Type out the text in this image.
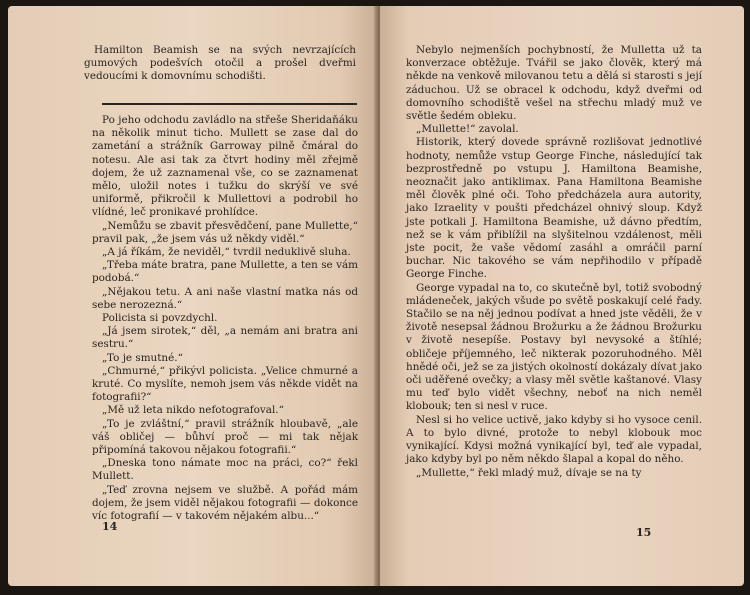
Hamilton Beamish se na svých nevrzajících gumových podešvích otočil a prošel dveřmi vedoucími k domovnímu schodišti.

Po jeho odchodu zavládlo na střeše Sheridaňáku na několik minut ticho. Mullett se zase dal do zametání a strážník Garroway pilně čmáral do notesu. Ale asi tak za čtvrt hodiny měl zřejmě dojem, že už zaznamenal vše, co se zaznamenat mělo, uložil notes i tužku do skrýší ve své uniformě, přikročil k Mullettovi a podrobil ho vlídné, leč pronikavé prohlídce.

„Nemůžu se zbavit přesvědčení, pane Mullette,“ pravil pak, „že jsem vás už někdy viděl.“

„A já říkám, že neviděl,“ tvrdil neduklivě sluha.

„Třeba máte bratra, pane Mullette, a ten se vám podobá.“

„Nějakou tetu. A ani naše vlastní matka nás od sebe nerozezná.“

Policista si povzdychl.

„Já jsem sirotek,“ děl, „a nemám ani bratra ani sestru.“

„To je smutné.“

„Chmurné,“ přikývl policista. „Velice chmurné a kruté. Co myslíte, nemoh jsem vás někde vidět na fotografii?“

„Mě už leta nikdo nefotografoval.“

„To je zvláštní,“ pravil strážník hloubavě, „ale váš obličej — bůhví proč — mi tak nějak připomíná takovou nějakou fotografii.“

„Dneska tono námate moc na práci, co?“ řekl Mullett.

„Teď zrovna nejsem ve službě. A pořád mám dojem, že jsem viděl nějakou fotografii — dokonce víc fotografií — v takovém nějakém albu...“

14

Nebylo nejmenších pochybností, že Mulletta už ta konverzace obtěžuje. Tvářil se jako člověk, který má někde na venkově milovanou tetu a dělá si starosti s její záduchou. Už se obracel k odchodu, když dveřmi od domovního schodiště vešel na střechu mladý muž ve světle šedém obleku.

„Mullette!“ zavolal.

Historik, který dovede správně rozlišovat jednotlivé hodnoty, nemůže vstup George Finche, následující tak bezprostředně po vstupu J. Hamiltona Beamishe, neoznačit jako antiklimax. Pana Hamiltona Beamishe měl člověk plné oči. Toho předcházela aura autority, jako Izraelity v poušti předcházel ohnivý sloup. Když jste potkali J. Hamiltona Beamishe, už dávno předtím, než se k vám přiblížil na slyšitelnou vzdálenost, měli jste pocit, že vaše vědomí zasáhl a omráčil parní buchar. Nic takového se vám nepřihodilo v případě George Finche.

George vypadal na to, co skutečně byl, totiž svobodný mládeneček, jakých všude po světě poskakují celé řady. Stačilo se na něj jednou podívat a hned jste věděli, že v životě nesepsal žádnou Brožurku a že žádnou Brožurku v životě nesepíše. Postavy byl nevysoké a štíhlé; obličeje příjemného, leč nikterak pozoruhodného. Měl hnědé oči, jež se za jistých okolností dokázaly dívat jako oči uděřené ovečky; a vlasy měl světle kaštanové. Vlasy mu teď bylo vidět všechny, neboť na nich neměl klobouk; ten si nesl v ruce.

Nesl si ho velice uctivě, jako kdyby si ho vysoce cenil. A to bylo divné, protože to nebyl klobouk moc vynikající. Kdysi možná vynikající byl, teď ale vypadal, jako kdyby byl po něm někdo šlapal a kopal do něho.

„Mullette,“ řekl mladý muž, dívaje se na ty

15
